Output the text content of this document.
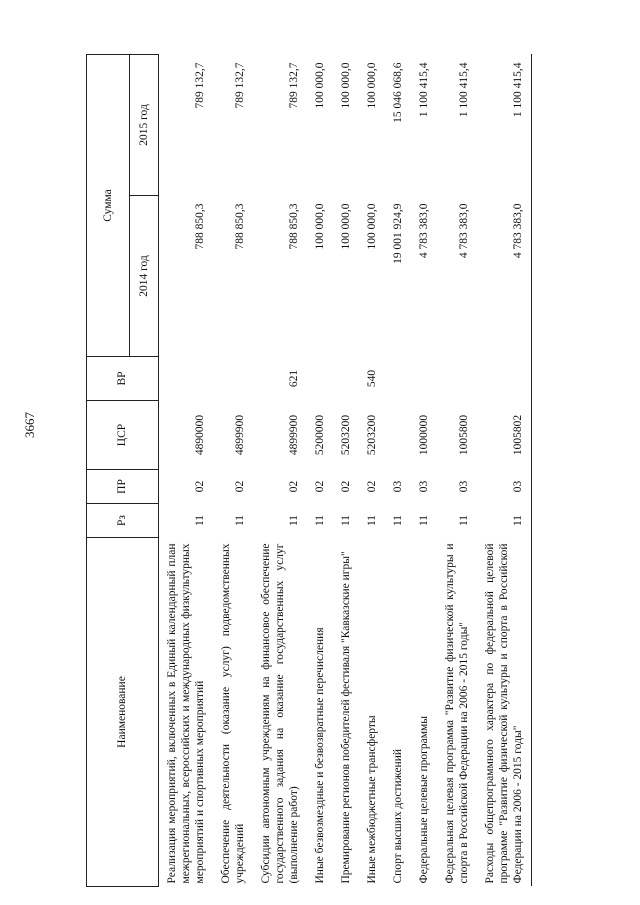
3667
Наименование	Рз	ПР	ЦСР	ВР	Сумма	
					2014 год	2015 год
Реализация мероприятий, включенных в Единый календарный план межрегиональных, всероссийских и международных физкультурных мероприятий и спортивных мероприятий	11	02	4890000		788 850,3	789 132,7
Обеспечение деятельности (оказание услуг) подведомственных учреждений	11	02	4899900		788 850,3	789 132,7
Субсидии автономным учреждениям на финансовое обеспечение государственного задания на оказание государственных услуг (выполнение работ)	11	02	4899900	621	788 850,3	789 132,7
Иные безвозмездные и безвозвратные перечисления	11	02	5200000		100 000,0	100 000,0
Премирование регионов победителей фестиваля "Кавказские игры"	11	02	5203200		100 000,0	100 000,0
Иные межбюджетные трансферты	11	02	5203200	540	100 000,0	100 000,0
Спорт высших достижений	11	03			19 001 924,9	15 046 068,6
Федеральные целевые программы	11	03	1000000		4 783 383,0	1 100 415,4
Федеральная целевая программа "Развитие физической культуры и спорта в Российской Федерации на 2006 - 2015 годы"	11	03	1005800		4 783 383,0	1 100 415,4
Расходы общепрограммного характера по федеральной целевой программе "Развитие физической культуры и спорта в Российской Федерации на 2006 - 2015 годы"	11	03	1005802		4 783 383,0	1 100 415,4
